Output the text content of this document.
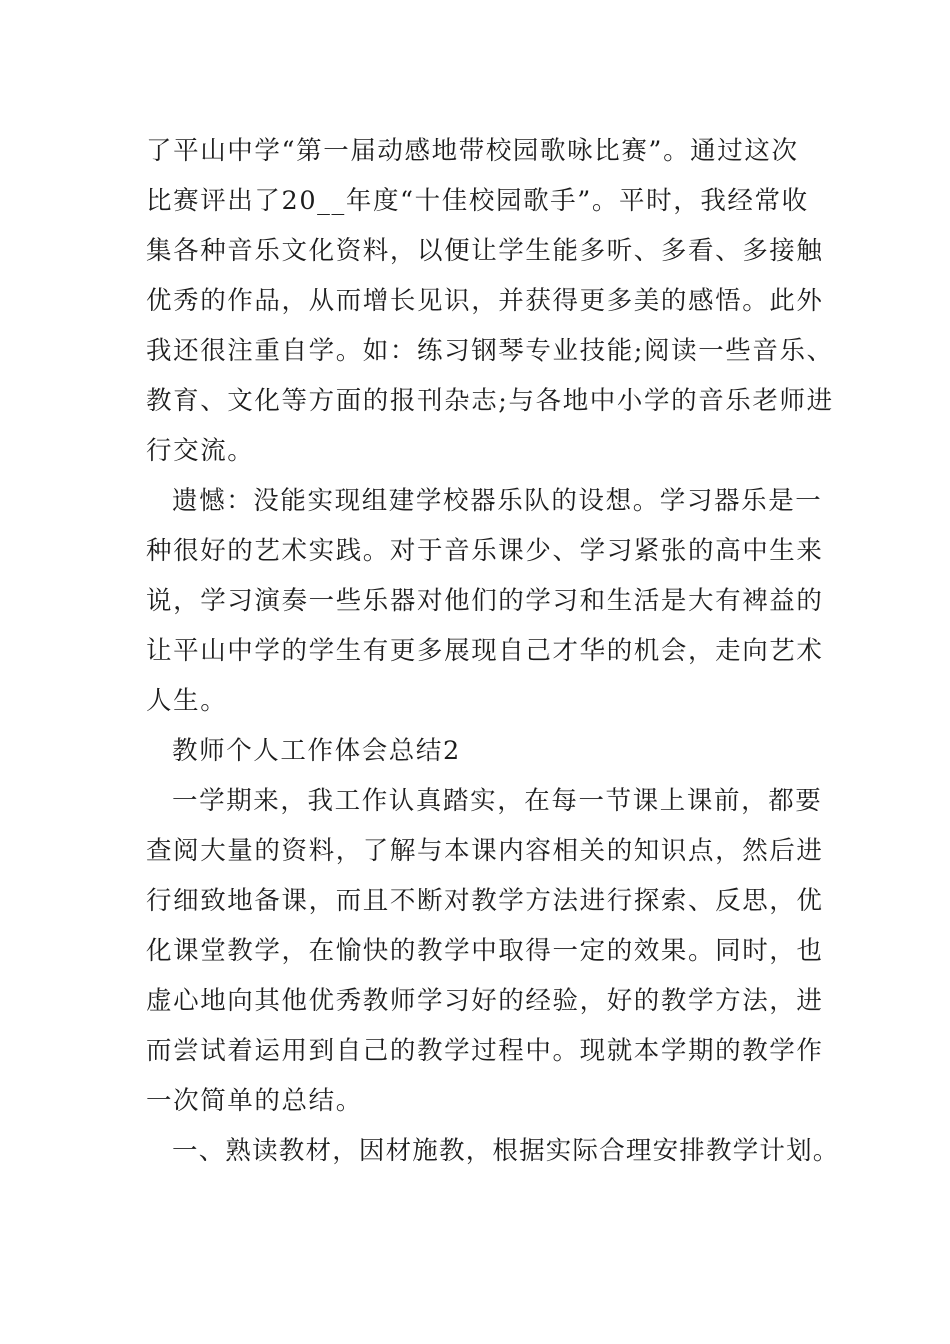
了平山中学“第一届动感地带校园歌咏比赛”。通过这次
比赛评出了20__年度“十佳校园歌手”。平时，我经常收
集各种音乐文化资料，以便让学生能多听、多看、多接触
优秀的作品，从而增长见识，并获得更多美的感悟。此外
我还很注重自学。如：练习钢琴专业技能;阅读一些音乐、
教育、文化等方面的报刊杂志;与各地中小学的音乐老师进
行交流。
遗憾：没能实现组建学校器乐队的设想。学习器乐是一
种很好的艺术实践。对于音乐课少、学习紧张的高中生来
说，学习演奏一些乐器对他们的学习和生活是大有裨益的
让平山中学的学生有更多展现自己才华的机会，走向艺术
人生。
教师个人工作体会总结2
一学期来，我工作认真踏实，在每一节课上课前，都要
查阅大量的资料，了解与本课内容相关的知识点，然后进
行细致地备课，而且不断对教学方法进行探索、反思，优
化课堂教学，在愉快的教学中取得一定的效果。同时，也
虚心地向其他优秀教师学习好的经验，好的教学方法，进
而尝试着运用到自己的教学过程中。现就本学期的教学作
一次简单的总结。
一、熟读教材，因材施教，根据实际合理安排教学计划。
